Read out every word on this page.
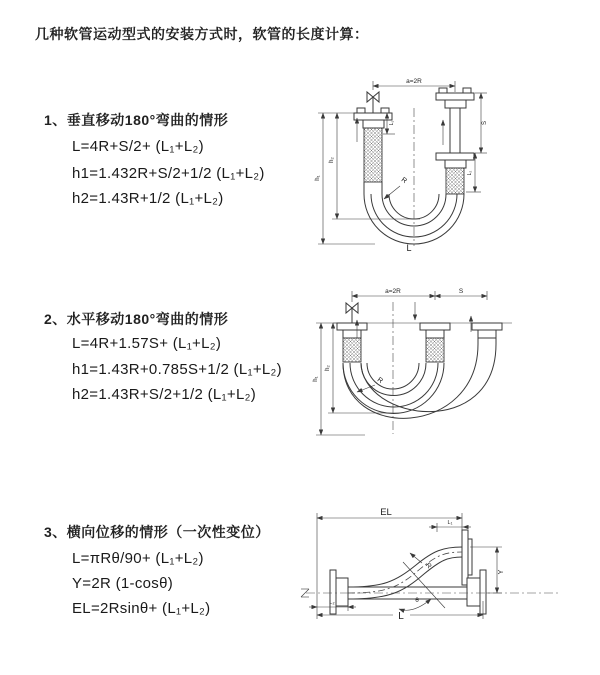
几种软管运动型式的安装方式时，软管的长度计算：
1、垂直移动180°弯曲的情形
L=4R+S/2+ (L₁+L₂)
h1=1.432R+S/2+1/2 (L₁+L₂)
h2=1.43R+1/2 (L₁+L₂)
2、水平移动180°弯曲的情形
L=4R+1.57S+ (L₁+L₂)
h1=1.43R+0.785S+1/2 (L₁+L₂)
h2=1.43R+S/2+1/2 (L₁+L₂)
3、横向位移的情形（一次性变位）
L=πRθ/90+ (L₁+L₂)
Y=2R (1-cosθ)
EL=2Rsinθ+ (L₁+L₂)
a=2R
h₂
h₁
L₁	S
L₂
R
L
a=2R	S
h₂
h₁	R
EL
L₁
Y
R
θ
L₂
L
